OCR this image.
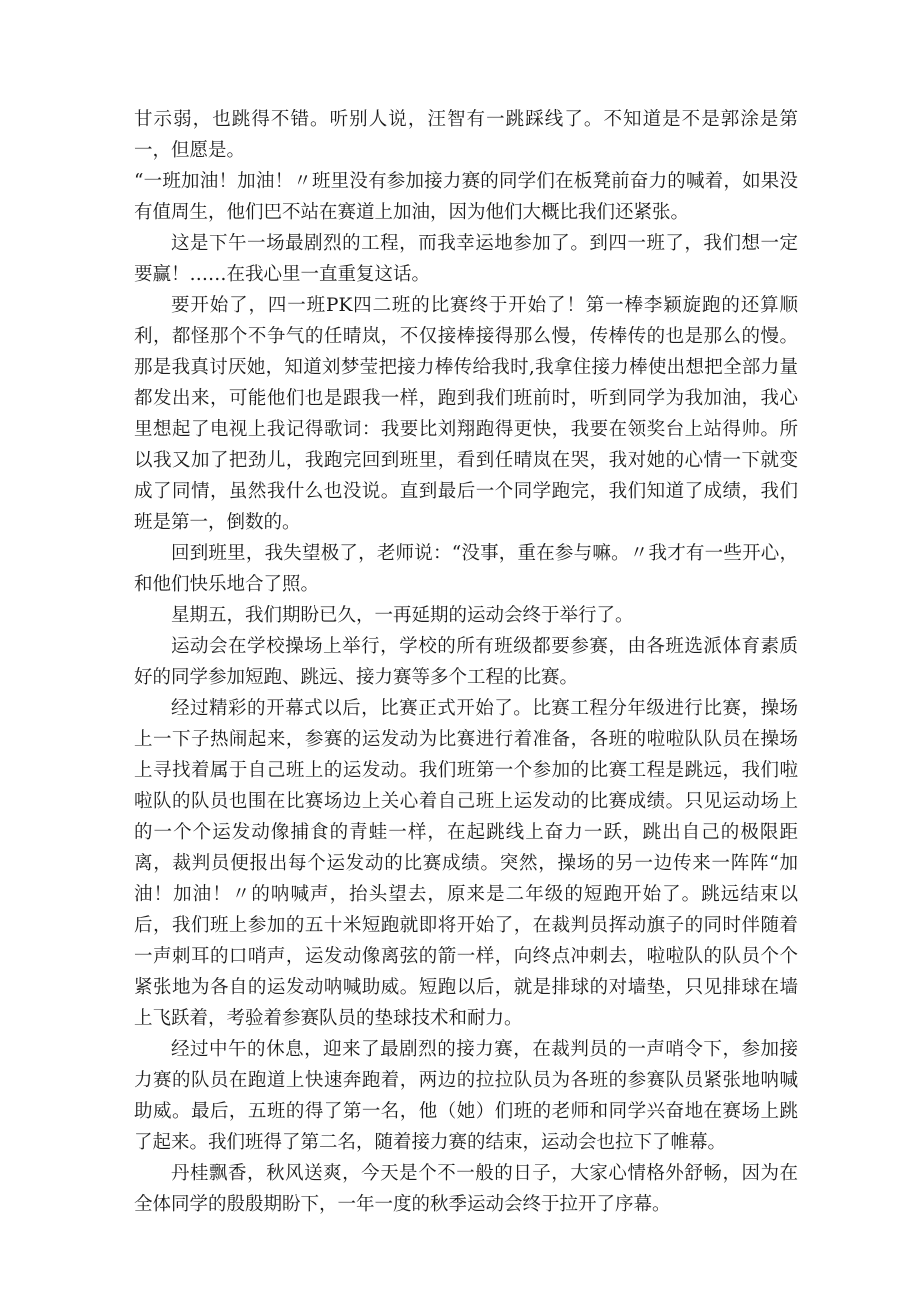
甘示弱，也跳得不错。听别人说，汪智有一跳踩线了。不知道是不是郭涂是第一，但愿是。

“一班加油！加油！〃班里没有参加接力赛的同学们在板凳前奋力的喊着，如果没有值周生，他们巴不站在赛道上加油，因为他们大概比我们还紧张。

这是下午一场最剧烈的工程，而我幸运地参加了。到四一班了，我们想一定要赢！……在我心里一直重复这话。

要开始了，四一班PK四二班的比赛终于开始了！第一棒李颖旋跑的还算顺利，都怪那个不争气的任晴岚，不仅接棒接得那么慢，传棒传的也是那么的慢。那是我真讨厌她，知道刘梦莹把接力棒传给我时,我拿住接力棒使出想把全部力量都发出来，可能他们也是跟我一样，跑到我们班前时，听到同学为我加油，我心里想起了电视上我记得歌词：我要比刘翔跑得更快，我要在领奖台上站得帅。所以我又加了把劲儿，我跑完回到班里，看到任晴岚在哭，我对她的心情一下就变成了同情，虽然我什么也没说。直到最后一个同学跑完，我们知道了成绩，我们班是第一，倒数的。

回到班里，我失望极了，老师说：“没事，重在参与嘛。〃我才有一些开心，和他们快乐地合了照。

星期五，我们期盼已久，一再延期的运动会终于举行了。

运动会在学校操场上举行，学校的所有班级都要参赛，由各班选派体育素质好的同学参加短跑、跳远、接力赛等多个工程的比赛。

经过精彩的开幕式以后，比赛正式开始了。比赛工程分年级进行比赛，操场上一下子热闹起来，参赛的运发动为比赛进行着准备，各班的啦啦队队员在操场上寻找着属于自己班上的运发动。我们班第一个参加的比赛工程是跳远，我们啦啦队的队员也围在比赛场边上关心着自己班上运发动的比赛成绩。只见运动场上的一个个运发动像捕食的青蛙一样，在起跳线上奋力一跃，跳出自己的极限距离，裁判员便报出每个运发动的比赛成绩。突然，操场的另一边传来一阵阵“加油！加油！〃的呐喊声，抬头望去，原来是二年级的短跑开始了。跳远结束以后，我们班上参加的五十米短跑就即将开始了，在裁判员挥动旗子的同时伴随着一声刺耳的口哨声，运发动像离弦的箭一样，向终点冲刺去，啦啦队的队员个个紧张地为各自的运发动呐喊助威。短跑以后，就是排球的对墙垫，只见排球在墙上飞跃着，考验着参赛队员的垫球技术和耐力。

经过中午的休息，迎来了最剧烈的接力赛，在裁判员的一声哨令下，参加接力赛的队员在跑道上快速奔跑着，两边的拉拉队员为各班的参赛队员紧张地呐喊助威。最后，五班的得了第一名，他（她）们班的老师和同学兴奋地在赛场上跳了起来。我们班得了第二名，随着接力赛的结束，运动会也拉下了帷幕。

丹桂飘香，秋风送爽，今天是个不一般的日子，大家心情格外舒畅，因为在全体同学的殷殷期盼下，一年一度的秋季运动会终于拉开了序幕。
